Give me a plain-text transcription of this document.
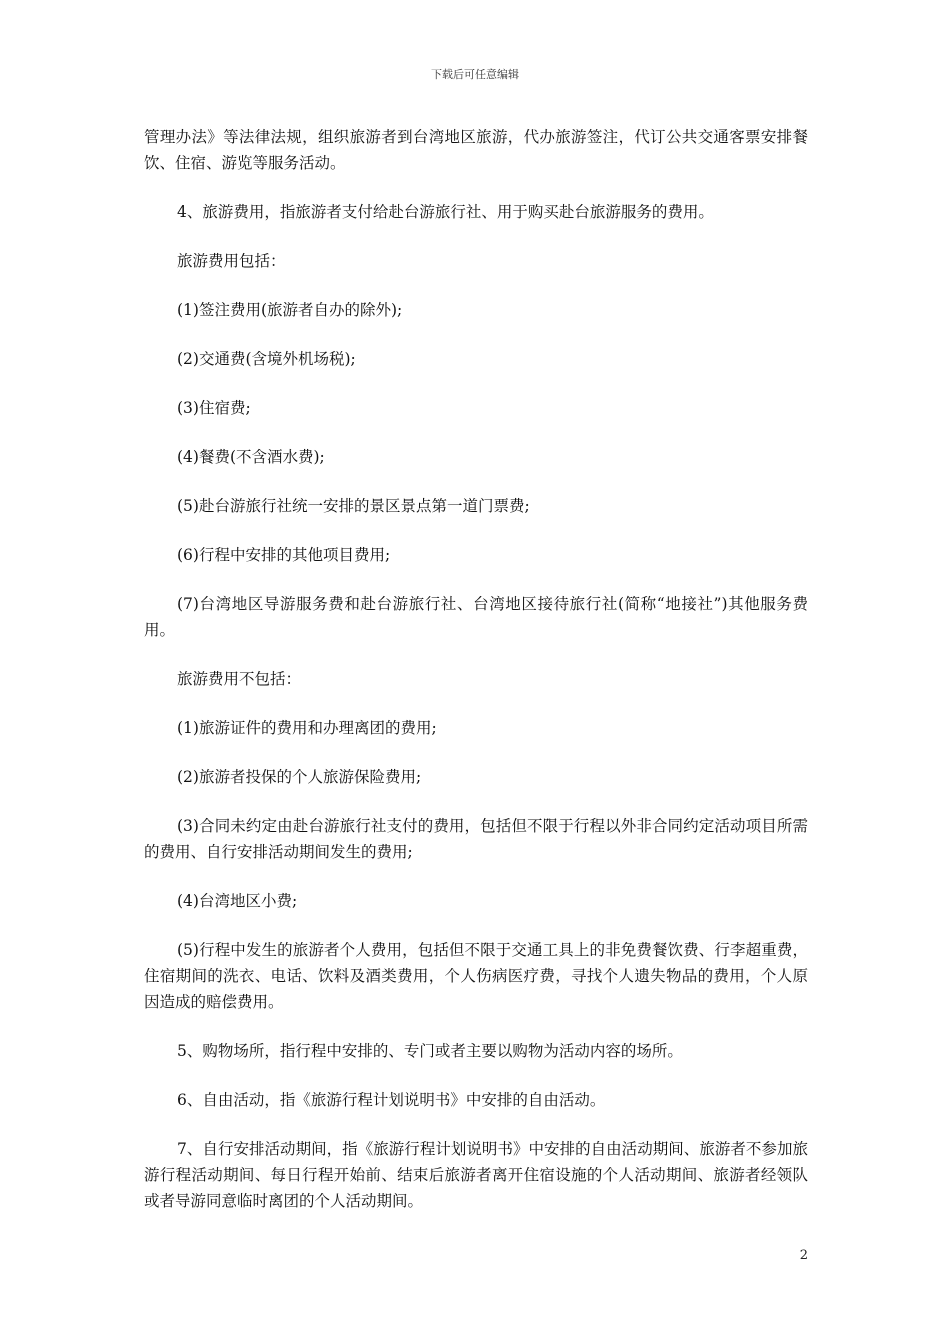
下载后可任意编辑

管理办法》等法律法规，组织旅游者到台湾地区旅游，代办旅游签注，代订公共交通客票安排餐饮、住宿、游览等服务活动。

4、旅游费用，指旅游者支付给赴台游旅行社、用于购买赴台旅游服务的费用。

旅游费用包括：

(1)签注费用(旅游者自办的除外);

(2)交通费(含境外机场税);

(3)住宿费;

(4)餐费(不含酒水费);

(5)赴台游旅行社统一安排的景区景点第一道门票费;

(6)行程中安排的其他项目费用;

(7)台湾地区导游服务费和赴台游旅行社、台湾地区接待旅行社(简称“地接社”)其他服务费用。

旅游费用不包括：

(1)旅游证件的费用和办理离团的费用;

(2)旅游者投保的个人旅游保险费用;

(3)合同未约定由赴台游旅行社支付的费用，包括但不限于行程以外非合同约定活动项目所需的费用、自行安排活动期间发生的费用;

(4)台湾地区小费;

(5)行程中发生的旅游者个人费用，包括但不限于交通工具上的非免费餐饮费、行李超重费，住宿期间的洗衣、电话、饮料及酒类费用，个人伤病医疗费，寻找个人遗失物品的费用，个人原因造成的赔偿费用。

5、购物场所，指行程中安排的、专门或者主要以购物为活动内容的场所。

6、自由活动，指《旅游行程计划说明书》中安排的自由活动。

7、自行安排活动期间，指《旅游行程计划说明书》中安排的自由活动期间、旅游者不参加旅游行程活动期间、每日行程开始前、结束后旅游者离开住宿设施的个人活动期间、旅游者经领队或者导游同意临时离团的个人活动期间。

2
